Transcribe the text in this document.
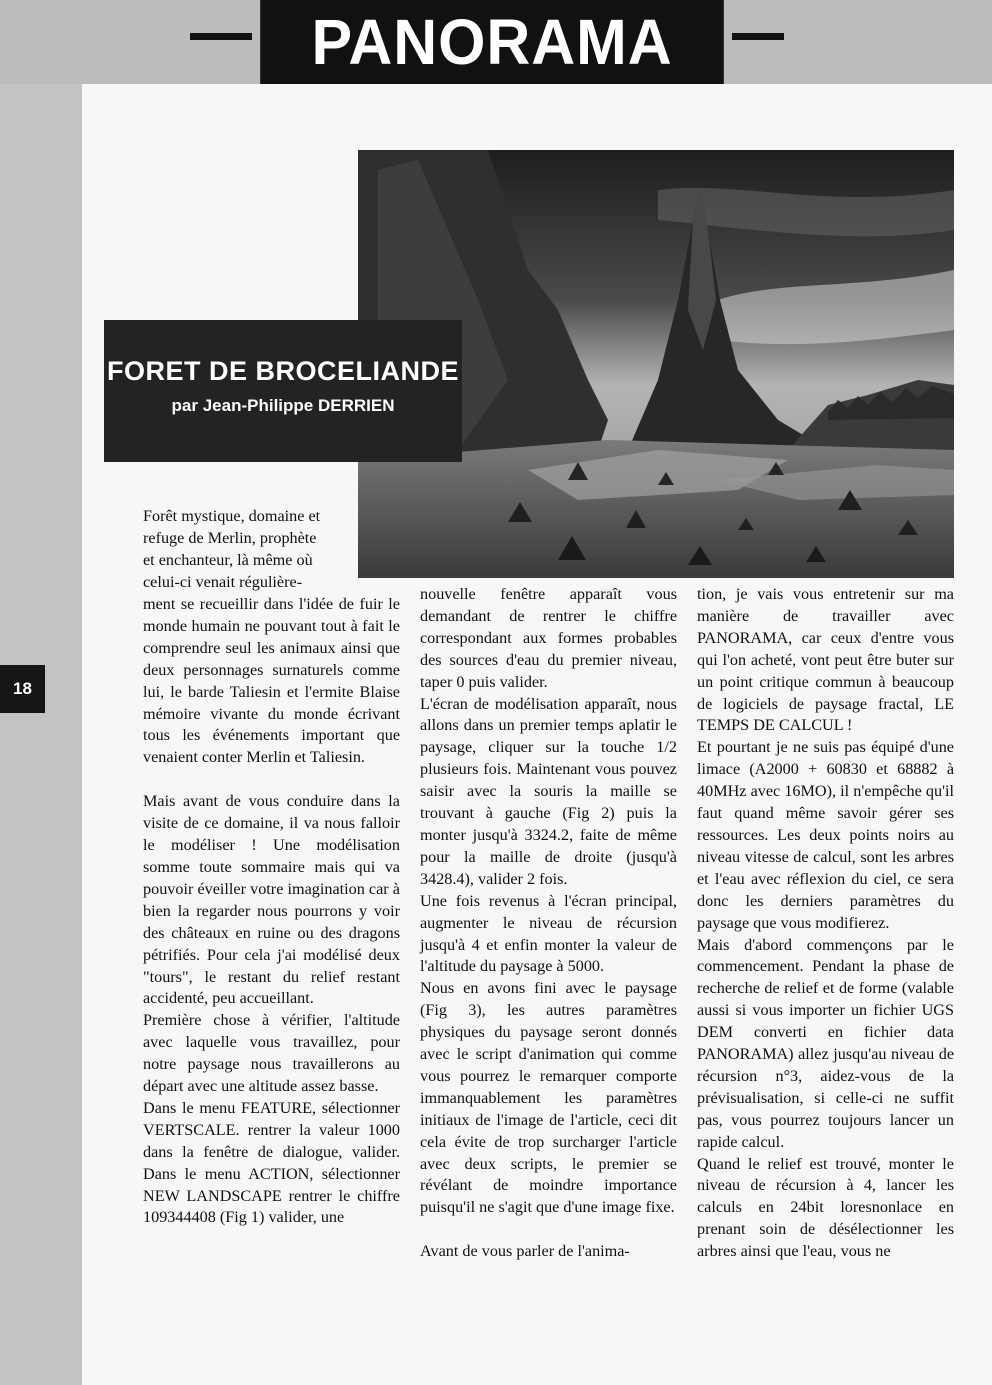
PANORAMA
18
FORET DE BROCELIANDE
par Jean-Philippe DERRIEN
Forêt mystique, domaine et
refuge de Merlin, prophète
et enchanteur, là même où
celui-ci venait régulière-

ment se recueillir dans l'idée de fuir le monde humain ne pouvant tout à fait le comprendre seul les animaux ainsi que deux personnages surnaturels comme lui, le barde Taliesin et l'ermite Blaise mémoire vivante du monde écrivant tous les événements important que venaient conter Merlin et Taliesin.

Mais avant de vous conduire dans la visite de ce domaine, il va nous falloir le modéliser ! Une modélisation somme toute sommaire mais qui va pouvoir éveiller votre imagination car à bien la regarder nous pourrons y voir des châteaux en ruine ou des dragons pétrifiés. Pour cela j'ai modélisé deux "tours", le restant du relief restant accidenté, peu accueillant.

Première chose à vérifier, l'altitude avec laquelle vous travaillez, pour notre paysage nous travaillerons au départ avec une altitude assez basse.

Dans le menu FEATURE, sélectionner VERTSCALE. rentrer la valeur 1000 dans la fenêtre de dialogue, valider. Dans le menu ACTION, sélectionner NEW LANDSCAPE rentrer le chiffre 109344408 (Fig 1) valider, une

nouvelle fenêtre apparaît vous demandant de rentrer le chiffre correspondant aux formes probables des sources d'eau du premier niveau, taper 0 puis valider.

L'écran de modélisation apparaît, nous allons dans un premier temps aplatir le paysage, cliquer sur la touche 1/2 plusieurs fois. Maintenant vous pouvez saisir avec la souris la maille se trouvant à gauche (Fig 2) puis la monter jusqu'à 3324.2, faite de même pour la maille de droite (jusqu'à 3428.4), valider 2 fois.

Une fois revenus à l'écran principal, augmenter le niveau de récursion jusqu'à 4 et enfin monter la valeur de l'altitude du paysage à 5000.

Nous en avons fini avec le paysage (Fig 3), les autres paramètres physiques du paysage seront donnés avec le script d'animation qui comme vous pourrez le remarquer comporte immanquablement les paramètres initiaux de l'image de l'article, ceci dit cela évite de trop surcharger l'article avec deux scripts, le premier se révélant de moindre importance puisqu'il ne s'agit que d'une image fixe.

Avant de vous parler de l'anima-

tion, je vais vous entretenir sur ma manière de travailler avec PANORAMA, car ceux d'entre vous qui l'on acheté, vont peut être buter sur un point critique commun à beaucoup de logiciels de paysage fractal, LE TEMPS DE CALCUL !

Et pourtant je ne suis pas équipé d'une limace (A2000 + 60830 et 68882 à 40MHz avec 16MO), il n'empêche qu'il faut quand même savoir gérer ses ressources. Les deux points noirs au niveau vitesse de calcul, sont les arbres et l'eau avec réflexion du ciel, ce sera donc les derniers paramètres du paysage que vous modifierez.

Mais d'abord commençons par le commencement. Pendant la phase de recherche de relief et de forme (valable aussi si vous importer un fichier UGS DEM converti en fichier data PANORAMA) allez jusqu'au niveau de récursion n°3, aidez-vous de la prévisualisation, si celle-ci ne suffit pas, vous pourrez toujours lancer un rapide calcul.

Quand le relief est trouvé, monter le niveau de récursion à 4, lancer les calculs en 24bit loresnonlace en prenant soin de désélectionner les arbres ainsi que l'eau, vous ne
